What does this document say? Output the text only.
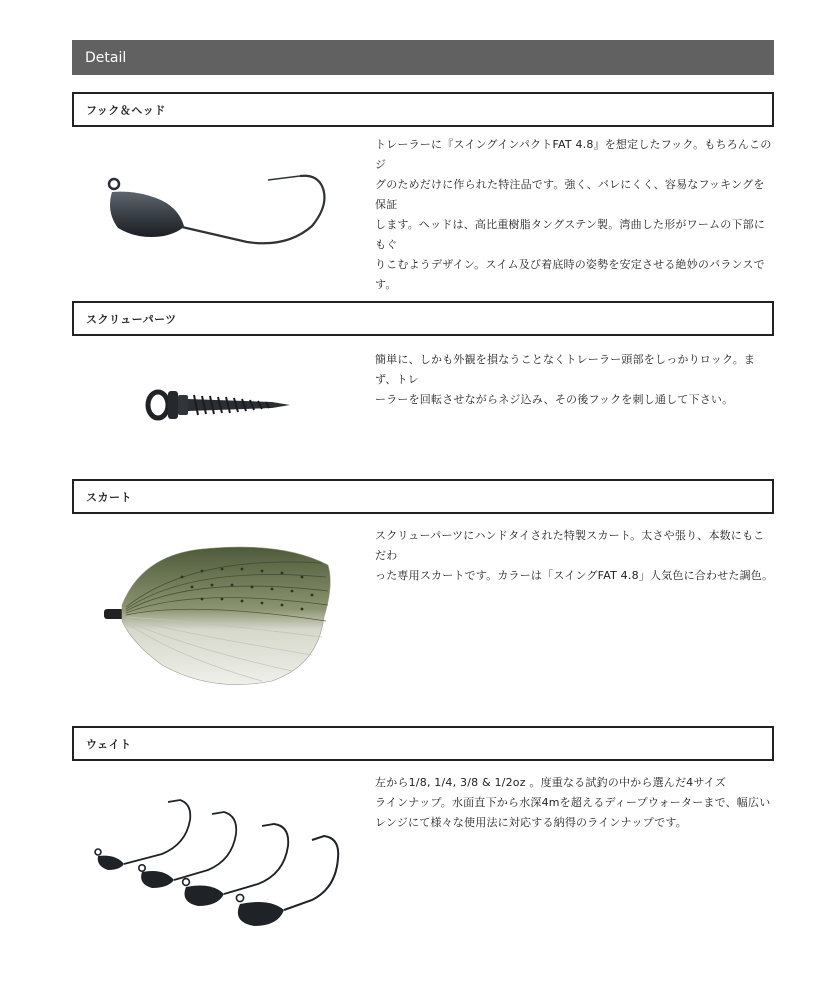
Detail
フック＆ヘッド
トレーラーに『スイングインパクトFAT 4.8』を想定したフック。もちろんこのジ
グのためだけに作られた特注品です。強く、バレにくく、容易なフッキングを保証
します。ヘッドは、高比重樹脂タングステン製。湾曲した形がワームの下部にもぐ
りこむようデザイン。スイム及び着底時の姿勢を安定させる絶妙のバランスで
す。
スクリューパーツ
簡単に、しかも外観を損なうことなくトレーラー頭部をしっかりロック。まず、トレ
ーラーを回転させながらネジ込み、その後フックを刺し通して下さい。
スカート
スクリューパーツにハンドタイされた特製スカート。太さや張り、本数にもこだわ
った専用スカートです。カラーは「スイングFAT 4.8」人気色に合わせた調色。
ウェイト
左から1/8, 1/4, 3/8 & 1/2oz 。度重なる試釣の中から選んだ4サイズ
ラインナップ。水面直下から水深4mを超えるディープウォーターまで、幅広い
レンジにて様々な使用法に対応する納得のラインナップです。
